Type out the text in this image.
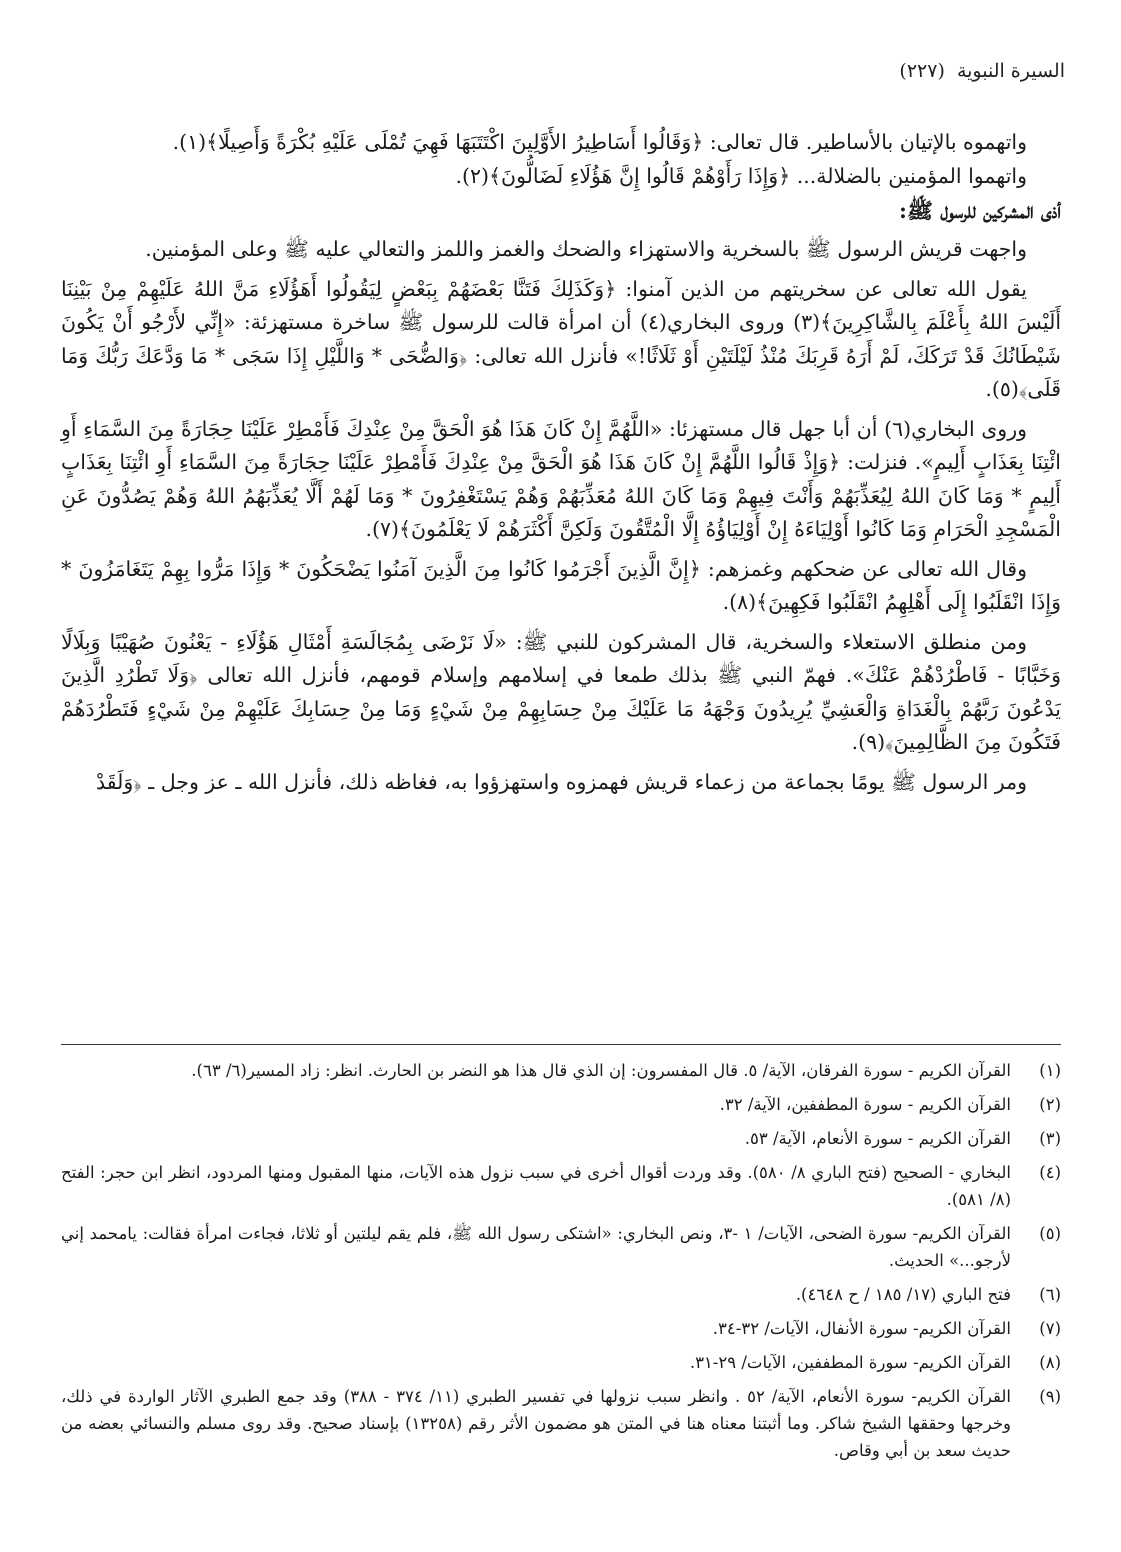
السيرة النبوية (٢٢٧)

واتهموه بالإتيان بالأساطير. قال تعالى: ﴿وَقَالُوا أَسَاطِيرُ الأَوَّلِينَ اكْتَتَبَهَا فَهِيَ تُمْلَى عَلَيْهِ بُكْرَةً وَأَصِيلًا﴾(١).

واتهموا المؤمنين بالضلالة... ﴿وَإِذَا رَأَوْهُمْ قَالُوا إِنَّ هَؤُلَاءِ لَضَالُّونَ﴾(٢).

أذى المشركين للرسول ﷺ:

واجهت قريش الرسول ﷺ بالسخرية والاستهزاء والضحك والغمز واللمز والتعالي عليه ﷺ وعلى المؤمنين.

يقول الله تعالى عن سخريتهم من الذين آمنوا: ﴿وَكَذَلِكَ فَتَنَّا بَعْضَهُمْ بِبَعْضٍ لِيَقُولُوا أَهَؤُلَاءِ مَنَّ اللهُ عَلَيْهِمْ مِنْ بَيْنِنَا أَلَيْسَ اللهُ بِأَعْلَمَ بِالشَّاكِرِينَ﴾(٣) وروى البخاري(٤) أن امرأة قالت للرسول ﷺ ساخرة مستهزئة: «إِنِّي لأَرْجُو أَنْ يَكُونَ شَيْطَانُكَ قَدْ تَرَكَكَ، لَمْ أَرَهُ قَرِبَكَ مُنْذُ لَيْلَتَيْنِ أَوْ ثَلَاثًا!» فأنزل الله تعالى: ﴿وَالضُّحَى * وَاللَّيْلِ إِذَا سَجَى * مَا وَدَّعَكَ رَبُّكَ وَمَا قَلَى﴾(٥).

وروى البخاري(٦) أن أبا جهل قال مستهزئا: «اللَّهُمَّ إِنْ كَانَ هَذَا هُوَ الْحَقَّ مِنْ عِنْدِكَ فَأَمْطِرْ عَلَيْنَا حِجَارَةً مِنَ السَّمَاءِ أَوِ ائْتِنَا بِعَذَابٍ أَلِيمٍ». فنزلت: ﴿وَإِذْ قَالُوا اللَّهُمَّ إِنْ كَانَ هَذَا هُوَ الْحَقَّ مِنْ عِنْدِكَ فَأَمْطِرْ عَلَيْنَا حِجَارَةً مِنَ السَّمَاءِ أَوِ ائْتِنَا بِعَذَابٍ أَلِيمٍ * وَمَا كَانَ اللهُ لِيُعَذِّبَهُمْ وَأَنْتَ فِيهِمْ وَمَا كَانَ اللهُ مُعَذِّبَهُمْ وَهُمْ يَسْتَغْفِرُونَ * وَمَا لَهُمْ أَلَّا يُعَذِّبَهُمُ اللهُ وَهُمْ يَصُدُّونَ عَنِ الْمَسْجِدِ الْحَرَامِ وَمَا كَانُوا أَوْلِيَاءَهُ إِنْ أَوْلِيَاؤُهُ إِلَّا الْمُتَّقُونَ وَلَكِنَّ أَكْثَرَهُمْ لَا يَعْلَمُونَ﴾(٧).

وقال الله تعالى عن ضحكهم وغمزهم: ﴿إِنَّ الَّذِينَ أَجْرَمُوا كَانُوا مِنَ الَّذِينَ آمَنُوا يَضْحَكُونَ * وَإِذَا مَرُّوا بِهِمْ يَتَغَامَزُونَ * وَإِذَا انْقَلَبُوا إِلَى أَهْلِهِمُ انْقَلَبُوا فَكِهِينَ﴾(٨).

ومن منطلق الاستعلاء والسخرية، قال المشركون للنبي ﷺ: «لَا نَرْضَى بِمُجَالَسَةِ أَمْثَالِ هَؤُلَاءِ - يَعْنُونَ صُهَيْبًا وَبِلَالًا وَخَبَّابًا - فَاطْرُدْهُمْ عَنْكَ». فهمّ النبي ﷺ بذلك طمعا في إسلامهم وإسلام قومهم، فأنزل الله تعالى ﴿وَلَا تَطْرُدِ الَّذِينَ يَدْعُونَ رَبَّهُمْ بِالْغَدَاةِ وَالْعَشِيِّ يُرِيدُونَ وَجْهَهُ مَا عَلَيْكَ مِنْ حِسَابِهِمْ مِنْ شَيْءٍ وَمَا مِنْ حِسَابِكَ عَلَيْهِمْ مِنْ شَيْءٍ فَتَطْرُدَهُمْ فَتَكُونَ مِنَ الظَّالِمِينَ﴾(٩).

ومر الرسول ﷺ يومًا بجماعة من زعماء قريش فهمزوه واستهزؤوا به، فغاظه ذلك، فأنزل الله ـ عز وجل ـ ﴿وَلَقَدْ

(١)
القرآن الكريم - سورة الفرقان، الآية/ ٥. قال المفسرون: إن الذي قال هذا هو النضر بن الحارث. انظر: زاد المسير(٦/ ٦٣).
(٢)
القرآن الكريم - سورة المطففين، الآية/ ٣٢.
(٣)
القرآن الكريم - سورة الأنعام، الآية/ ٥٣.
(٤)
البخاري - الصحيح (فتح الباري ٨/ ٥٨٠). وقد وردت أقوال أخرى في سبب نزول هذه الآيات، منها المقبول ومنها المردود، انظر ابن حجر: الفتح (٨/ ٥٨١).
(٥)
القرآن الكريم- سورة الضحى، الآيات/ ١ -٣، ونص البخاري: «اشتكى رسول الله ﷺ، فلم يقم ليلتين أو ثلاثا، فجاءت امرأة فقالت: يامحمد إني لأرجو...» الحديث.
(٦)
فتح الباري (١٧/ ١٨٥ / ح ٤٦٤٨).
(٧)
القرآن الكريم- سورة الأنفال، الآيات/ ٣٢-٣٤.
(٨)
القرآن الكريم- سورة المطففين، الآيات/ ٢٩-٣١.
(٩)
القرآن الكريم- سورة الأنعام، الآية/ ٥٢ . وانظر سبب نزولها في تفسير الطبري (١١/ ٣٧٤ - ٣٨٨) وقد جمع الطبري الآثار الواردة في ذلك، وخرجها وحققها الشيخ شاكر. وما أثبتنا معناه هنا في المتن هو مضمون الأثر رقم (١٣٢٥٨) بإسناد صحيح. وقد روى مسلم والنسائي بعضه من حديث سعد بن أبي وقاص.
